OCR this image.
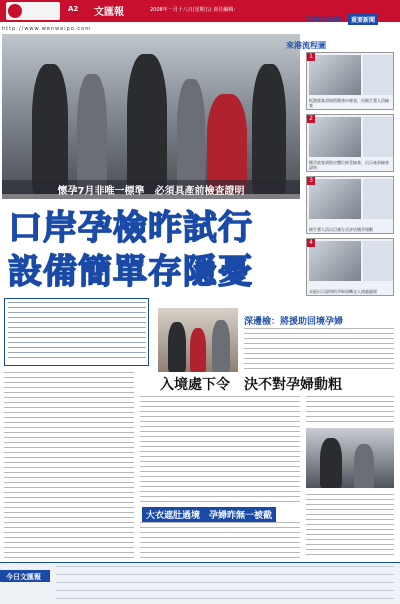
A2 文匯報	2008年一月十八日(星期五) 責任編輯：
http://www.wenweipo.com
TOP NEWS	重要新聞
懷孕7月非唯一標準　必須具產前檢查證明
口岸孕檢昨試行
設備簡單存隱憂
來港流程圖
1
抵港旅客須填寫健康申報表，由衛生署人員檢查
2
懷孕旅客到指定櫃位接受檢查，出示產前檢查證明
3
衛生署人員以目測方式評估懷孕週數
4
未能出示證明的孕婦須轉交入境處處理
深邊檢：將援助回境孕婦
入境處下令　決不對孕婦動粗
大衣遮肚過境　孕婦昨無一被截
今日文匯報
